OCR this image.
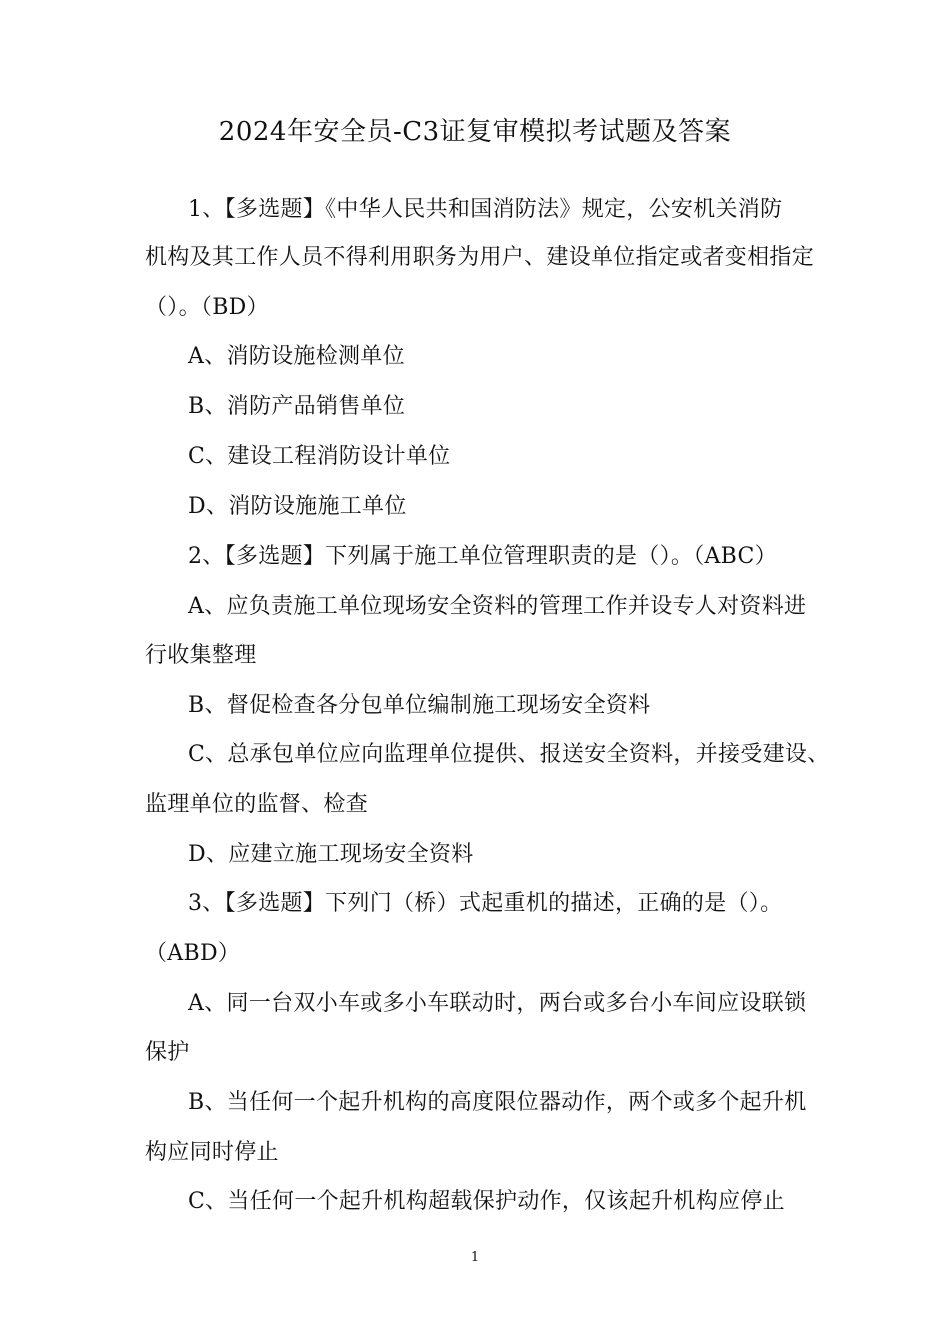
2024年安全员-C3证复审模拟考试题及答案
1、【多选题】《中华人民共和国消防法》规定，公安机关消防
机构及其工作人员不得利用职务为用户、建设单位指定或者变相指定
（）。（BD）
A、消防设施检测单位
B、消防产品销售单位
C、建设工程消防设计单位
D、消防设施施工单位
2、【多选题】下列属于施工单位管理职责的是（）。（ABC）
A、应负责施工单位现场安全资料的管理工作并设专人对资料进
行收集整理
B、督促检查各分包单位编制施工现场安全资料
C、总承包单位应向监理单位提供、报送安全资料，并接受建设、
监理单位的监督、检查
D、应建立施工现场安全资料
3、【多选题】下列门（桥）式起重机的描述，正确的是（）。
（ABD）
A、同一台双小车或多小车联动时，两台或多台小车间应设联锁
保护
B、当任何一个起升机构的高度限位器动作，两个或多个起升机
构应同时停止
C、当任何一个起升机构超载保护动作，仅该起升机构应停止
1
